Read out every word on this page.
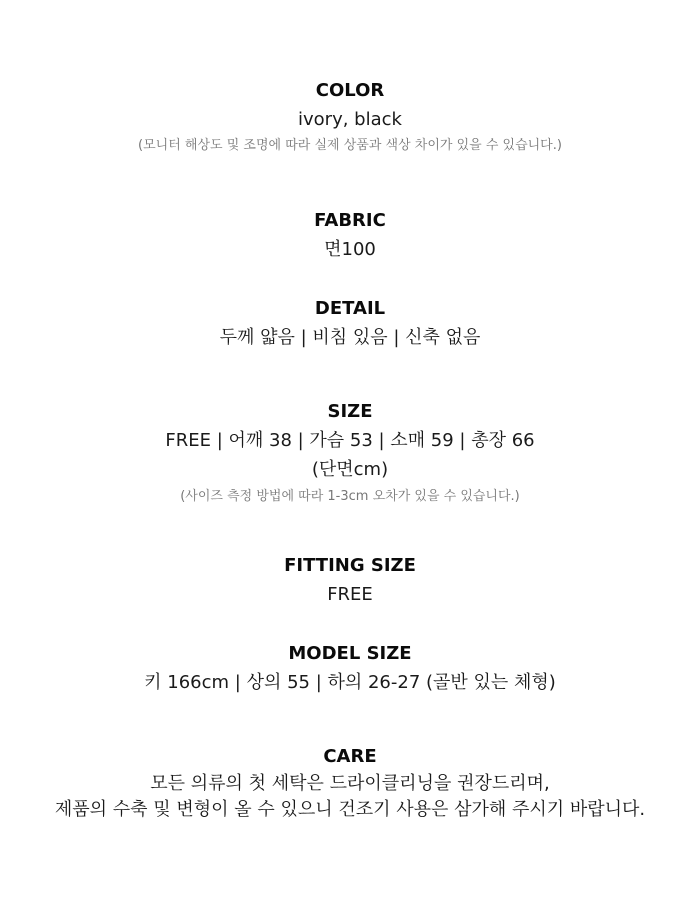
COLOR
ivory, black
(모니터 해상도 및 조명에 따라 실제 상품과 색상 차이가 있을 수 있습니다.)
FABRIC
면100
DETAIL
두께 얇음 | 비침 있음 | 신축 없음
SIZE
FREE | 어깨 38 | 가슴 53 | 소매 59 | 총장 66
(단면cm)
(사이즈 측정 방법에 따라 1-3cm 오차가 있을 수 있습니다.)
FITTING SIZE
FREE
MODEL SIZE
키 166cm | 상의 55 | 하의 26-27 (골반 있는 체형)
CARE
모든 의류의 첫 세탁은 드라이클리닝을 권장드리며,
제품의 수축 및 변형이 올 수 있으니 건조기 사용은 삼가해 주시기 바랍니다.
